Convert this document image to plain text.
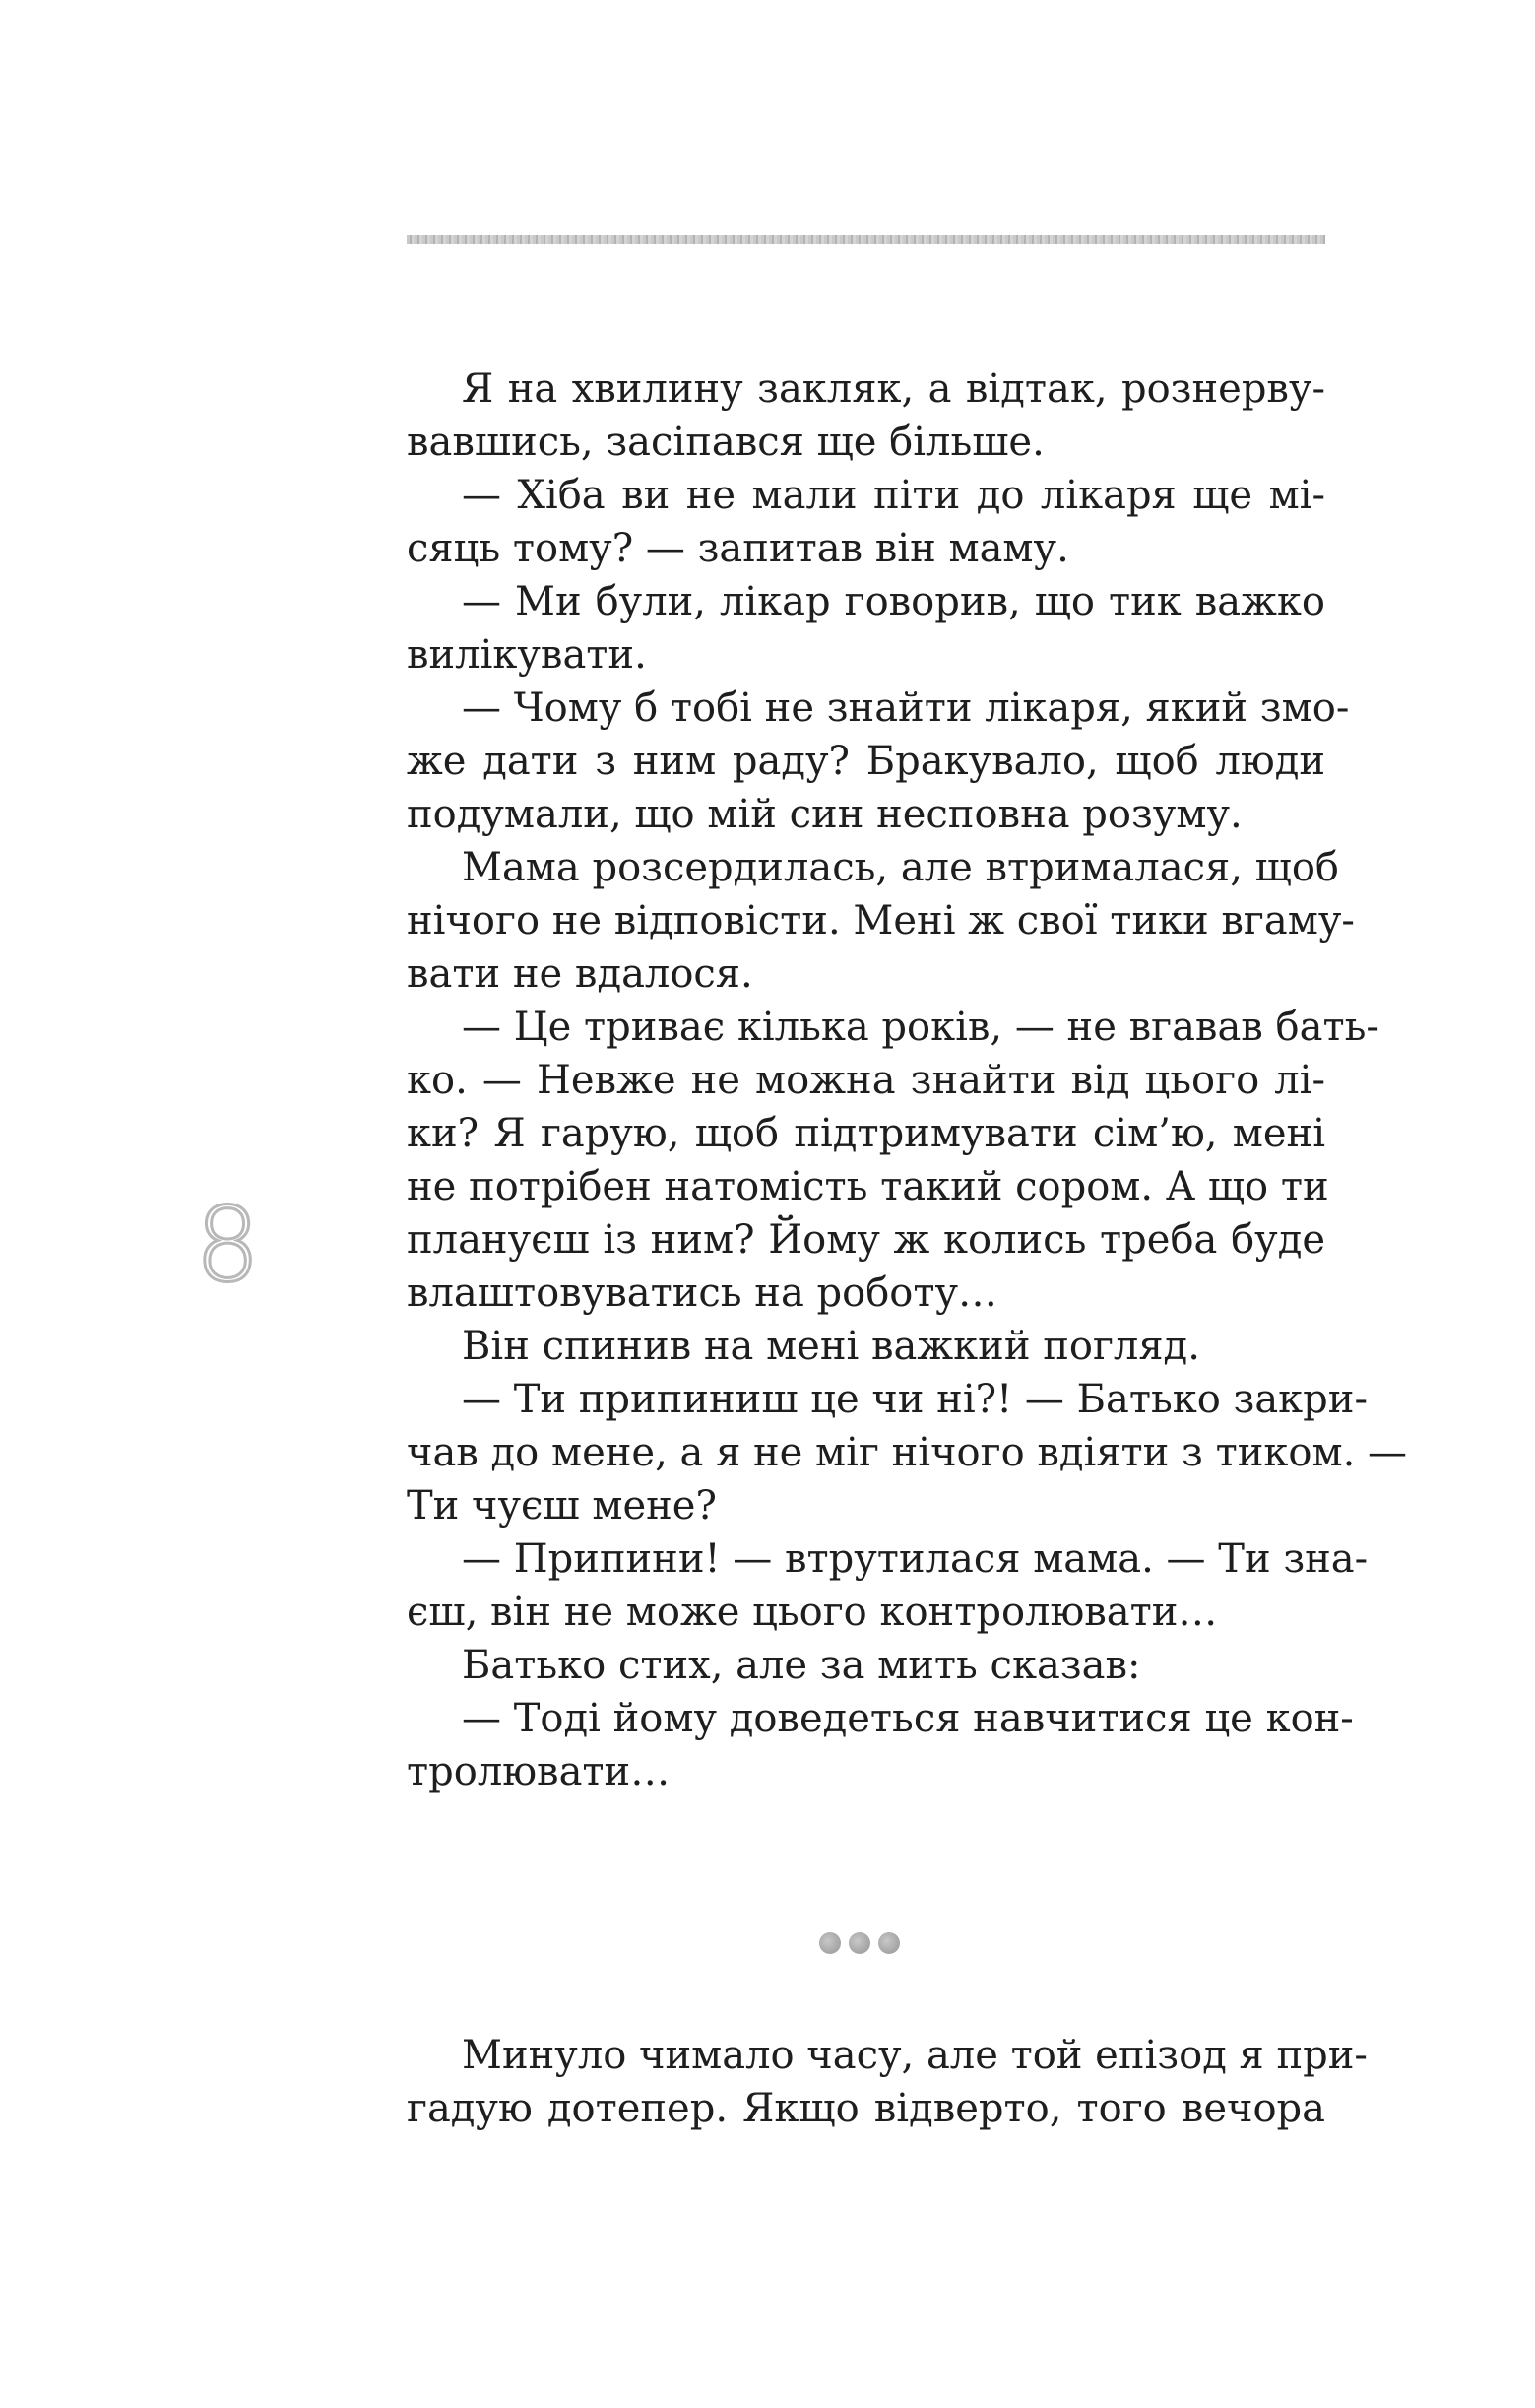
8
Я на хвилину закляк, а відтак, рознерву-
вавшись, засіпався ще більше.
— Хіба ви не мали піти до лікаря ще мі-
сяць тому? — запитав він маму.
— Ми були, лікар говорив, що тик важко
вилікувати.
— Чому б тобі не знайти лікаря, який змо-
же дати з ним раду? Бракувало, щоб люди
подумали, що мій син несповна розуму.
Мама розсердилась, але втрималася, щоб
нічого не відповісти. Мені ж свої тики вгаму-
вати не вдалося.
— Це триває кілька років, — не вгавав бать-
ко. — Невже не можна знайти від цього лі-
ки? Я гарую, щоб підтримувати сім’ю, мені
не потрібен натомість такий сором. А що ти
плануєш із ним? Йому ж колись треба буде
влаштовуватись на роботу…
Він спинив на мені важкий погляд.
— Ти припиниш це чи ні?! — Батько закри-
чав до мене, а я не міг нічого вдіяти з тиком. —
Ти чуєш мене?
— Припини! — втрутилася мама. — Ти зна-
єш, він не може цього контролювати…
Батько стих, але за мить сказав:
— Тоді йому доведеться навчитися це кон-
тролювати…
Минуло чимало часу, але той епізод я при-
гадую дотепер. Якщо відверто, того вечора
